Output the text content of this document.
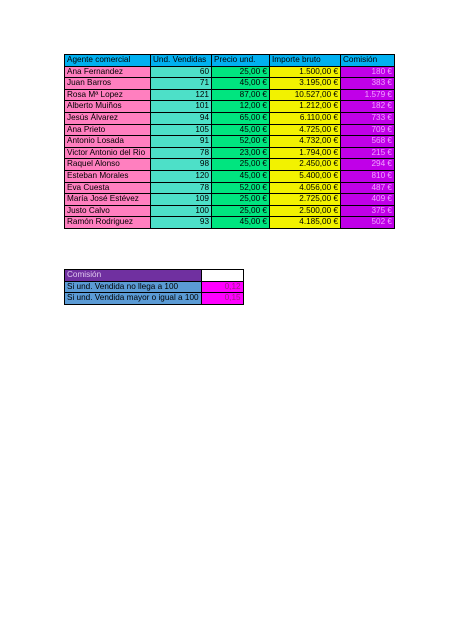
Agente comercial	Und. Vendidas	Precio und.	Importe bruto	Comisión
Ana Fernandez	60	25,00 €	1.500,00 €	180 €
Juan Barros	71	45,00 €	3.195,00 €	383 €
Rosa Mª Lopez	121	87,00 €	10.527,00 €	1.579 €
Alberto Muiños	101	12,00 €	1.212,00 €	182 €
Jesús Álvarez	94	65,00 €	6.110,00 €	733 €
Ana Prieto	105	45,00 €	4.725,00 €	709 €
Antonio Losada	91	52,00 €	4.732,00 €	568 €
Victor Antonio del Rio	78	23,00 €	1.794,00 €	215 €
Raquel Alonso	98	25,00 €	2.450,00 €	294 €
Esteban Morales	120	45,00 €	5.400,00 €	810 €
Eva Cuesta	78	52,00 €	4.056,00 €	487 €
María José Estévez	109	25,00 €	2.725,00 €	409 €
Justo Calvo	100	25,00 €	2.500,00 €	375 €
Ramón Rodriguez	93	45,00 €	4.185,00 €	502 €
Comisión	
Si und. Vendida no llega a 100	0,12
Si und. Vendida mayor o igual a 100	0,15
